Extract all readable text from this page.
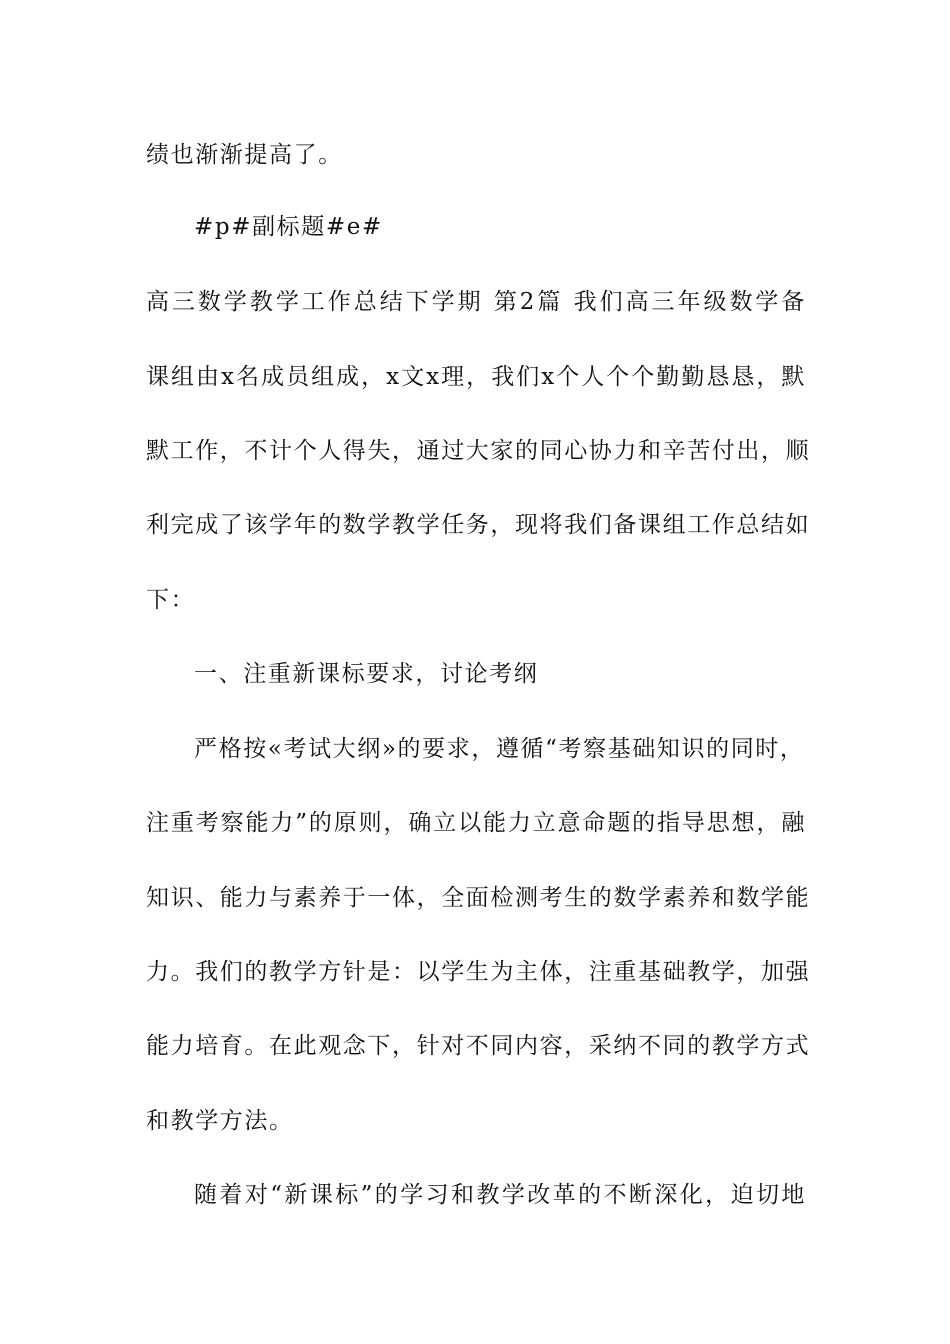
绩也渐渐提高了。
#p#副标题#e#
高三数学教学工作总结下学期 第2篇 我们高三年级数学备
课组由x名成员组成，x文x理，我们x个人个个勤勤恳恳，默
默工作，不计个人得失，通过大家的同心协力和辛苦付出，顺
利完成了该学年的数学教学任务，现将我们备课组工作总结如
下：
一、注重新课标要求，讨论考纲
严格按«考试大纲»的要求，遵循“考察基础知识的同时，
注重考察能力”的原则，确立以能力立意命题的指导思想，融
知识、能力与素养于一体，全面检测考生的数学素养和数学能
力。我们的教学方针是：以学生为主体，注重基础教学，加强
能力培育。在此观念下，针对不同内容，采纳不同的教学方式
和教学方法。
随着对“新课标”的学习和教学改革的不断深化，迫切地
